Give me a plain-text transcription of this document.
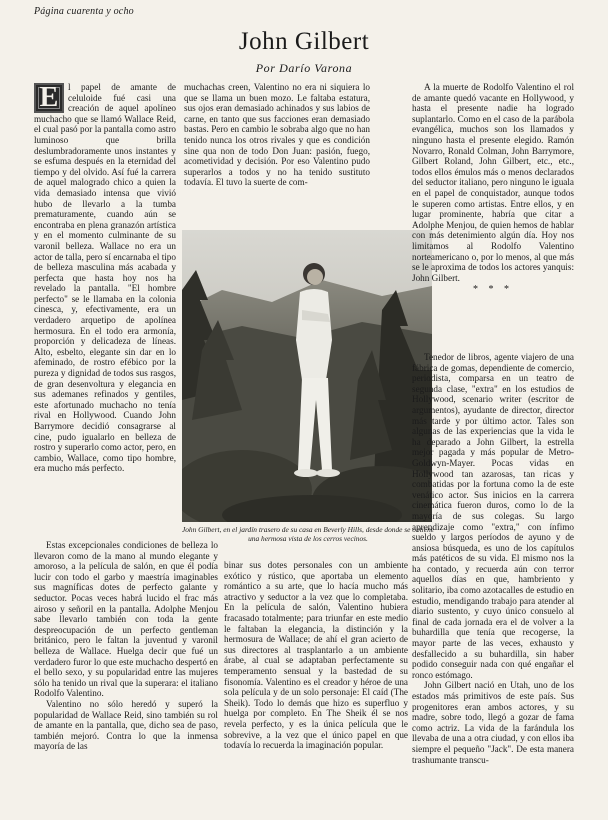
Página cuarenta y ocho
John Gilbert
Por Darío Varona

E	l papel de amante de celuloide fué casi una creación de aquel apolíneo muchacho que se llamó Wallace Reid, el cual pasó por la pantalla como astro luminoso que brilla deslumbradoramente unos instantes y se esfuma después en la eternidad del tiempo y del olvido. Así fué la carrera de aquel malogrado chico a quien la vida demasiado intensa que vivió hubo de llevarlo a la tumba prematuramente, cuando aún se encontraba en plena granazón artística y en el momento culminante de su varonil belleza. Wallace no era un actor de talla, pero sí encarnaba el tipo de belleza masculina más acabada y perfecta que hasta hoy nos ha revelado la pantalla. "El hombre perfecto" se le llamaba en la colonia cinesca, y, efectivamente, era un verdadero arquetipo de apolínea hermosura. En el todo era armonía, proporción y delicadeza de líneas. Alto, esbelto, elegante sin dar en lo afeminado, de rostro efébico por la pureza y dignidad de todos sus rasgos, de gran desenvoltura y elegancia en sus ademanes refinados y gentiles, este afortunado muchacho no tenía rival en Hollywood. Cuando John Barrymore decidió consagrarse al cine, pudo igualarlo en belleza de rostro y superarlo como actor, pero, en cambio, Wallace, como tipo hombre, era mucho más perfecto.

muchachas creen, Valentino no era ni siquiera lo que se llama un buen mozo. Le faltaba estatura, sus ojos eran demasiado achinados y sus labios de carne, en tanto que sus facciones eran demasiado bastas. Pero en cambio le sobraba algo que no han tenido nunca los otros rivales y que es condición sine qua non de todo Don Juan: pasión, fuego, acometividad y decisión. Por eso Valentino pudo superarlos a todos y no ha tenido sustituto todavía. El tuvo la suerte de com-

John Gilbert, en el jardín trasero de su casa en Beverly Hills, desde donde se obtiene una hermosa vista de los cerros vecinos.

Estas excepcionales condiciones de belleza lo llevaron como de la mano al mundo elegante y amoroso, a la película de salón, en que él podía lucir con todo el garbo y maestría imaginables sus magníficas dotes de perfecto galante y seductor. Pocas veces habrá lucido el frac más airoso y señoril en la pantalla. Adolphe Menjou sabe llevarlo también con toda la gente despreocupación de un perfecto gentleman británico, pero le faltan la juventud y varonil belleza de Wallace. Huelga decir que fué un verdadero furor lo que este muchacho despertó en el bello sexo, y su popularidad entre las mujeres sólo ha tenido un rival que la superara: el italiano Rodolfo Valentino.

Valentino no sólo heredó y superó la popularidad de Wallace Reid, sino también su rol de amante en la pantalla, que, dicho sea de paso, también mejoró. Contra lo que la inmensa mayoría de las

binar sus dotes personales con un ambiente exótico y rústico, que aportaba un elemento romántico a su arte, que lo hacía mucho más atractivo y seductor a la vez que lo completaba. En la película de salón, Valentino hubiera fracasado totalmente; para triunfar en este medio le faltaban la elegancia, la distinción y la hermosura de Wallace; de ahí el gran acierto de sus directores al trasplantarlo a un ambiente árabe, al cual se adaptaban perfectamente su temperamento sensual y la bastedad de su fisonomía. Valentino es el creador y héroe de una sola película y de un solo personaje: El caíd (The Sheik). Todo lo demás que hizo es superfluo y huelga por completo. En The Sheik él se nos revela perfecto, y es la única película que le sobrevive, a la vez que el único papel en que todavía lo recuerda la imaginación popular.

A la muerte de Rodolfo Valentino el rol de amante quedó vacante en Hollywood, y hasta el presente nadie ha logrado suplantarlo. Como en el caso de la parábola evangélica, muchos son los llamados y ninguno hasta el presente elegido. Ramón Novarro, Ronald Colman, John Barrymore, Gilbert Roland, John Gilbert, etc., etc., todos ellos émulos más o menos declarados del seductor italiano, pero ninguno le iguala en el papel de conquistador, aunque todos le superen como artistas. Entre ellos, y en lugar prominente, habría que citar a Adolphe Menjou, de quien hemos de hablar con más detenimiento algún día. Hoy nos limitamos al Rodolfo Valentino norteamericano o, por lo menos, al que más se le aproxima de todos los actores yanquis: John Gilbert.

* * *

Tenedor de libros, agente viajero de una fábrica de gomas, dependiente de comercio, periodista, comparsa en un teatro de segunda clase, "extra" en los estudios de Hollywood, scenario writer (escritor de argumentos), ayudante de director, director más tarde y por último actor. Tales son algunas de las experiencias que la vida le ha deparado a John Gilbert, la estrella mejor pagada y más popular de Metro-Goldwyn-Mayer. Pocas vidas en Hollywood tan azarosas, tan ricas y combatidas por la fortuna como la de este venático actor. Sus inicios en la carrera cinemática fueron duros, como lo de la mayoría de sus colegas. Su largo aprendizaje como "extra," con ínfimo sueldo y largos períodos de ayuno y de ansiosa búsqueda, es uno de los capítulos más patéticos de su vida. El mismo nos la ha contado, y recuerda aún con terror aquellos días en que, hambriento y solitario, iba como azotacalles de estudio en estudio, mendigando trabajo para atender al diario sustento, y cuyo único consuelo al final de cada jornada era el de volver a la buhardilla que tenía que recogerse, la mayor parte de las veces, exhausto y desfallecido a su buhardilla, sin haber podido conseguir nada con qué engañar el ronco estómago.

John Gilbert nació en Utah, uno de los estados más primitivos de este país. Sus progenitores eran ambos actores, y su madre, sobre todo, llegó a gozar de fama como actriz. La vida de la farándula los llevaba de una a otra ciudad, y con ellos iba siempre el pequeño "Jack". De esta manera trashumante transcu-
